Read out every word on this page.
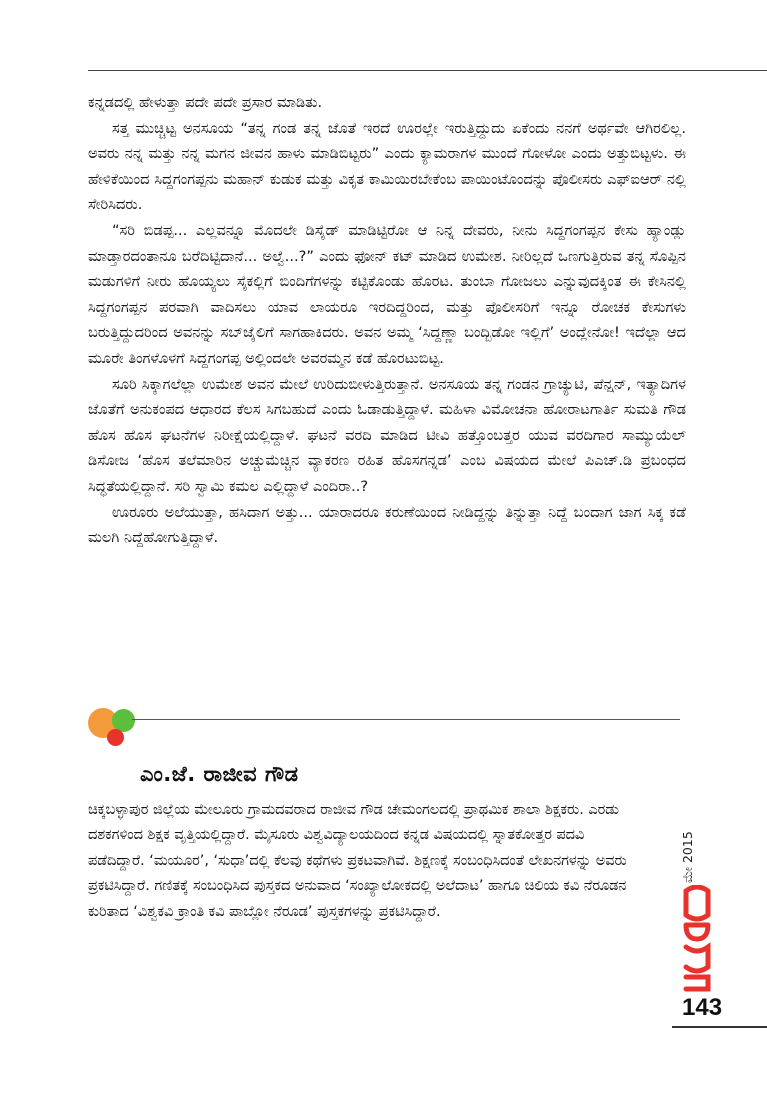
ಕನ್ನಡದಲ್ಲಿ ಹೇಳುತ್ತಾ ಪದೇ ಪದೇ ಪ್ರಸಾರ ಮಾಡಿತು.

ಸತ್ತ ಮುಚ್ಚಿಟ್ಟ ಅನಸೂಯ “ತನ್ನ ಗಂಡ ತನ್ನ ಜೊತೆ ಇರದೆ ಊರಲ್ಲೇ ಇರುತ್ತಿದ್ದುದು ಏಕೆಂದು ನನಗೆ ಅರ್ಥವೇ ಆಗಿರಲಿಲ್ಲ. ಅವರು ನನ್ನ ಮತ್ತು ನನ್ನ ಮಗನ ಜೀವನ ಹಾಳು ಮಾಡಿಬಿಟ್ಟರು” ಎಂದು ಕ್ಯಾಮರಾಗಳ ಮುಂದೆ ಗೋಳೋ ಎಂದು ಅತ್ತುಬಿಟ್ಟಳು. ಈ ಹೇಳಿಕೆಯಿಂದ ಸಿದ್ದಗಂಗಪ್ಪನು ಮಹಾನ್ ಕುಡುಕ ಮತ್ತು ವಿಕೃತ ಕಾಮಿಯಿರಬೇಕೆಂಬ ಪಾಯಿಂಟೊಂದನ್ನು ಪೊಲೀಸರು ಎಫ್‌ಐಆರ್ ನಲ್ಲಿ ಸೇರಿಸಿದರು.

“ಸರಿ ಬಿಡಪ್ಪ... ಎಲ್ಲವನ್ನೂ ಮೊದಲೇ ಡಿಸೈಡ್ ಮಾಡಿಟ್ಟಿರೋ ಆ ನಿನ್ನ ದೇವರು, ನೀನು ಸಿದ್ದಗಂಗಪ್ಪನ ಕೇಸು ಹ್ಯಾಂಡ್ಲು ಮಾಡ್ತಾರದಂತಾನೂ ಬರೆದಿಟ್ಟಿದಾನೆ... ಅಲ್ವೆ...?” ಎಂದು ಫೋನ್ ಕಟ್ ಮಾಡಿದ ಉಮೇಶ. ನೀರಿಲ್ಲದೆ ಒಣಗುತ್ತಿರುವ ತನ್ನ ಸೊಪ್ಪಿನ ಮಡುಗಳಿಗೆ ನೀರು ಹೊಯ್ಯಲು ಸೈಕಲ್ಲಿಗೆ ಬಿಂದಿಗೆಗಳನ್ನು ಕಟ್ಟಿಕೊಂಡು ಹೊರಟ. ತುಂಬಾ ಗೋಜಲು ಎನ್ನುವುದಕ್ಕಿಂತ ಈ ಕೇಸಿನಲ್ಲಿ ಸಿದ್ದಗಂಗಪ್ಪನ ಪರವಾಗಿ ವಾದಿಸಲು ಯಾವ ಲಾಯರೂ ಇರದಿದ್ದರಿಂದ, ಮತ್ತು ಪೊಲೀಸರಿಗೆ ಇನ್ನೂ ರೋಚಕ ಕೇಸುಗಳು ಬರುತ್ತಿದ್ದುದರಿಂದ ಅವನನ್ನು ಸಬ್‌ಜೈಲಿಗೆ ಸಾಗಹಾಕಿದರು. ಅವನ ಅಮ್ಮ ‘ಸಿದ್ದಣ್ಣಾ ಬಂದ್ಬಿಡೋ ಇಲ್ಲಿಗೆ’ ಅಂದ್ಲೇನೋ! ಇದೆಲ್ಲಾ ಆದ ಮೂರೇ ತಿಂಗಳೊಳಗೆ ಸಿದ್ದಗಂಗಪ್ಪ ಅಲ್ಲಿಂದಲೇ ಅವರಮ್ಮನ ಕಡೆ ಹೊರಟುಬಿಟ್ಟ.

ಸೂರಿ ಸಿಕ್ಕಾಗಲೆಲ್ಲಾ ಉಮೇಶ ಅವನ ಮೇಲೆ ಉರಿದುಬೀಳುತ್ತಿರುತ್ತಾನೆ. ಅನಸೂಯ ತನ್ನ ಗಂಡನ ಗ್ರಾಚ್ಯುಟಿ, ಪೆನ್ಷನ್, ಇತ್ಯಾದಿಗಳ ಜೊತೆಗೆ ಅನುಕಂಪದ ಆಧಾರದ ಕೆಲಸ ಸಿಗಬಹುದೆ ಎಂದು ಓಡಾಡುತ್ತಿದ್ದಾಳೆ. ಮಹಿಳಾ ವಿಮೋಚನಾ ಹೋರಾಟಗಾರ್ತಿ ಸುಮತಿ ಗೌಡ ಹೊಸ ಹೊಸ ಘಟನೆಗಳ ನಿರೀಕ್ಷೆಯಲ್ಲಿದ್ದಾಳೆ. ಘಟನೆ ವರದಿ ಮಾಡಿದ ಟೀವಿ ಹತ್ತೊಂಬತ್ತರ ಯುವ ವರದಿಗಾರ ಸಾಮ್ಯುಯೆಲ್ ಡಿಸೋಜ ‘ಹೊಸ ತಲೆಮಾರಿನ ಅಚ್ಚುಮೆಚ್ಚಿನ ವ್ಯಾಕರಣ ರಹಿತ ಹೊಸಗನ್ನಡ’ ಎಂಬ ವಿಷಯದ ಮೇಲೆ ಪಿಎಚ್.ಡಿ ಪ್ರಬಂಧದ ಸಿದ್ಧತೆಯಲ್ಲಿದ್ದಾನೆ. ಸರಿ ಸ್ವಾಮಿ ಕಮಲ ಎಲ್ಲಿದ್ದಾಳೆ ಎಂದಿರಾ..?

ಊರೂರು ಅಲೆಯುತ್ತಾ, ಹಸಿದಾಗ ಅತ್ತು... ಯಾರಾದರೂ ಕರುಣೆಯಿಂದ ನೀಡಿದ್ದನ್ನು ತಿನ್ನುತ್ತಾ ನಿದ್ದೆ ಬಂದಾಗ ಜಾಗ ಸಿಕ್ಕ ಕಡೆ ಮಲಗಿ ನಿದ್ದೆಹೋಗುತ್ತಿದ್ದಾಳೆ.

ಎಂ.ಜೆ. ರಾಜೀವ ಗೌಡ

ಚಿಕ್ಕಬಳ್ಳಾಪುರ ಜಿಲ್ಲೆಯ ಮೇಲೂರು ಗ್ರಾಮದವರಾದ ರಾಜೀವ ಗೌಡ ಚೇಮಂಗಲದಲ್ಲಿ ಪ್ರಾಥಮಿಕ ಶಾಲಾ ಶಿಕ್ಷಕರು. ಎರಡು ದಶಕಗಳಿಂದ ಶಿಕ್ಷಕ ವೃತ್ತಿಯಲ್ಲಿದ್ದಾರೆ. ಮೈಸೂರು ವಿಶ್ವವಿದ್ಯಾಲಯದಿಂದ ಕನ್ನಡ ವಿಷಯದಲ್ಲಿ ಸ್ನಾತಕೋತ್ತರ ಪದವಿ ಪಡೆದಿದ್ದಾರೆ. ‘ಮಯೂರ’, ‘ಸುಧಾ’ದಲ್ಲಿ ಕೆಲವು ಕಥೆಗಳು ಪ್ರಕಟವಾಗಿವೆ. ಶಿಕ್ಷಣಕ್ಕೆ ಸಂಬಂಧಿಸಿದಂತೆ ಲೇಖನಗಳನ್ನು ಅವರು ಪ್ರಕಟಿಸಿದ್ದಾರೆ. ಗಣಿತಕ್ಕೆ ಸಂಬಂಧಿಸಿದ ಪುಸ್ತಕದ ಅನುವಾದ ‘ಸಂಖ್ಯಾಲೋಕದಲ್ಲಿ ಅಲೆದಾಟ’ ಹಾಗೂ ಚಿಲಿಯ ಕವಿ ನೆರೂಡನ ಕುರಿತಾದ ‘ವಿಶ್ವಕವಿ ಕ್ರಾಂತಿ ಕವಿ ಪಾಬ್ಲೋ ನೆರೂಡ’ ಪುಸ್ತಕಗಳನ್ನು ಪ್ರಕಟಿಸಿದ್ದಾರೆ.

ಮೇ 2015
143
